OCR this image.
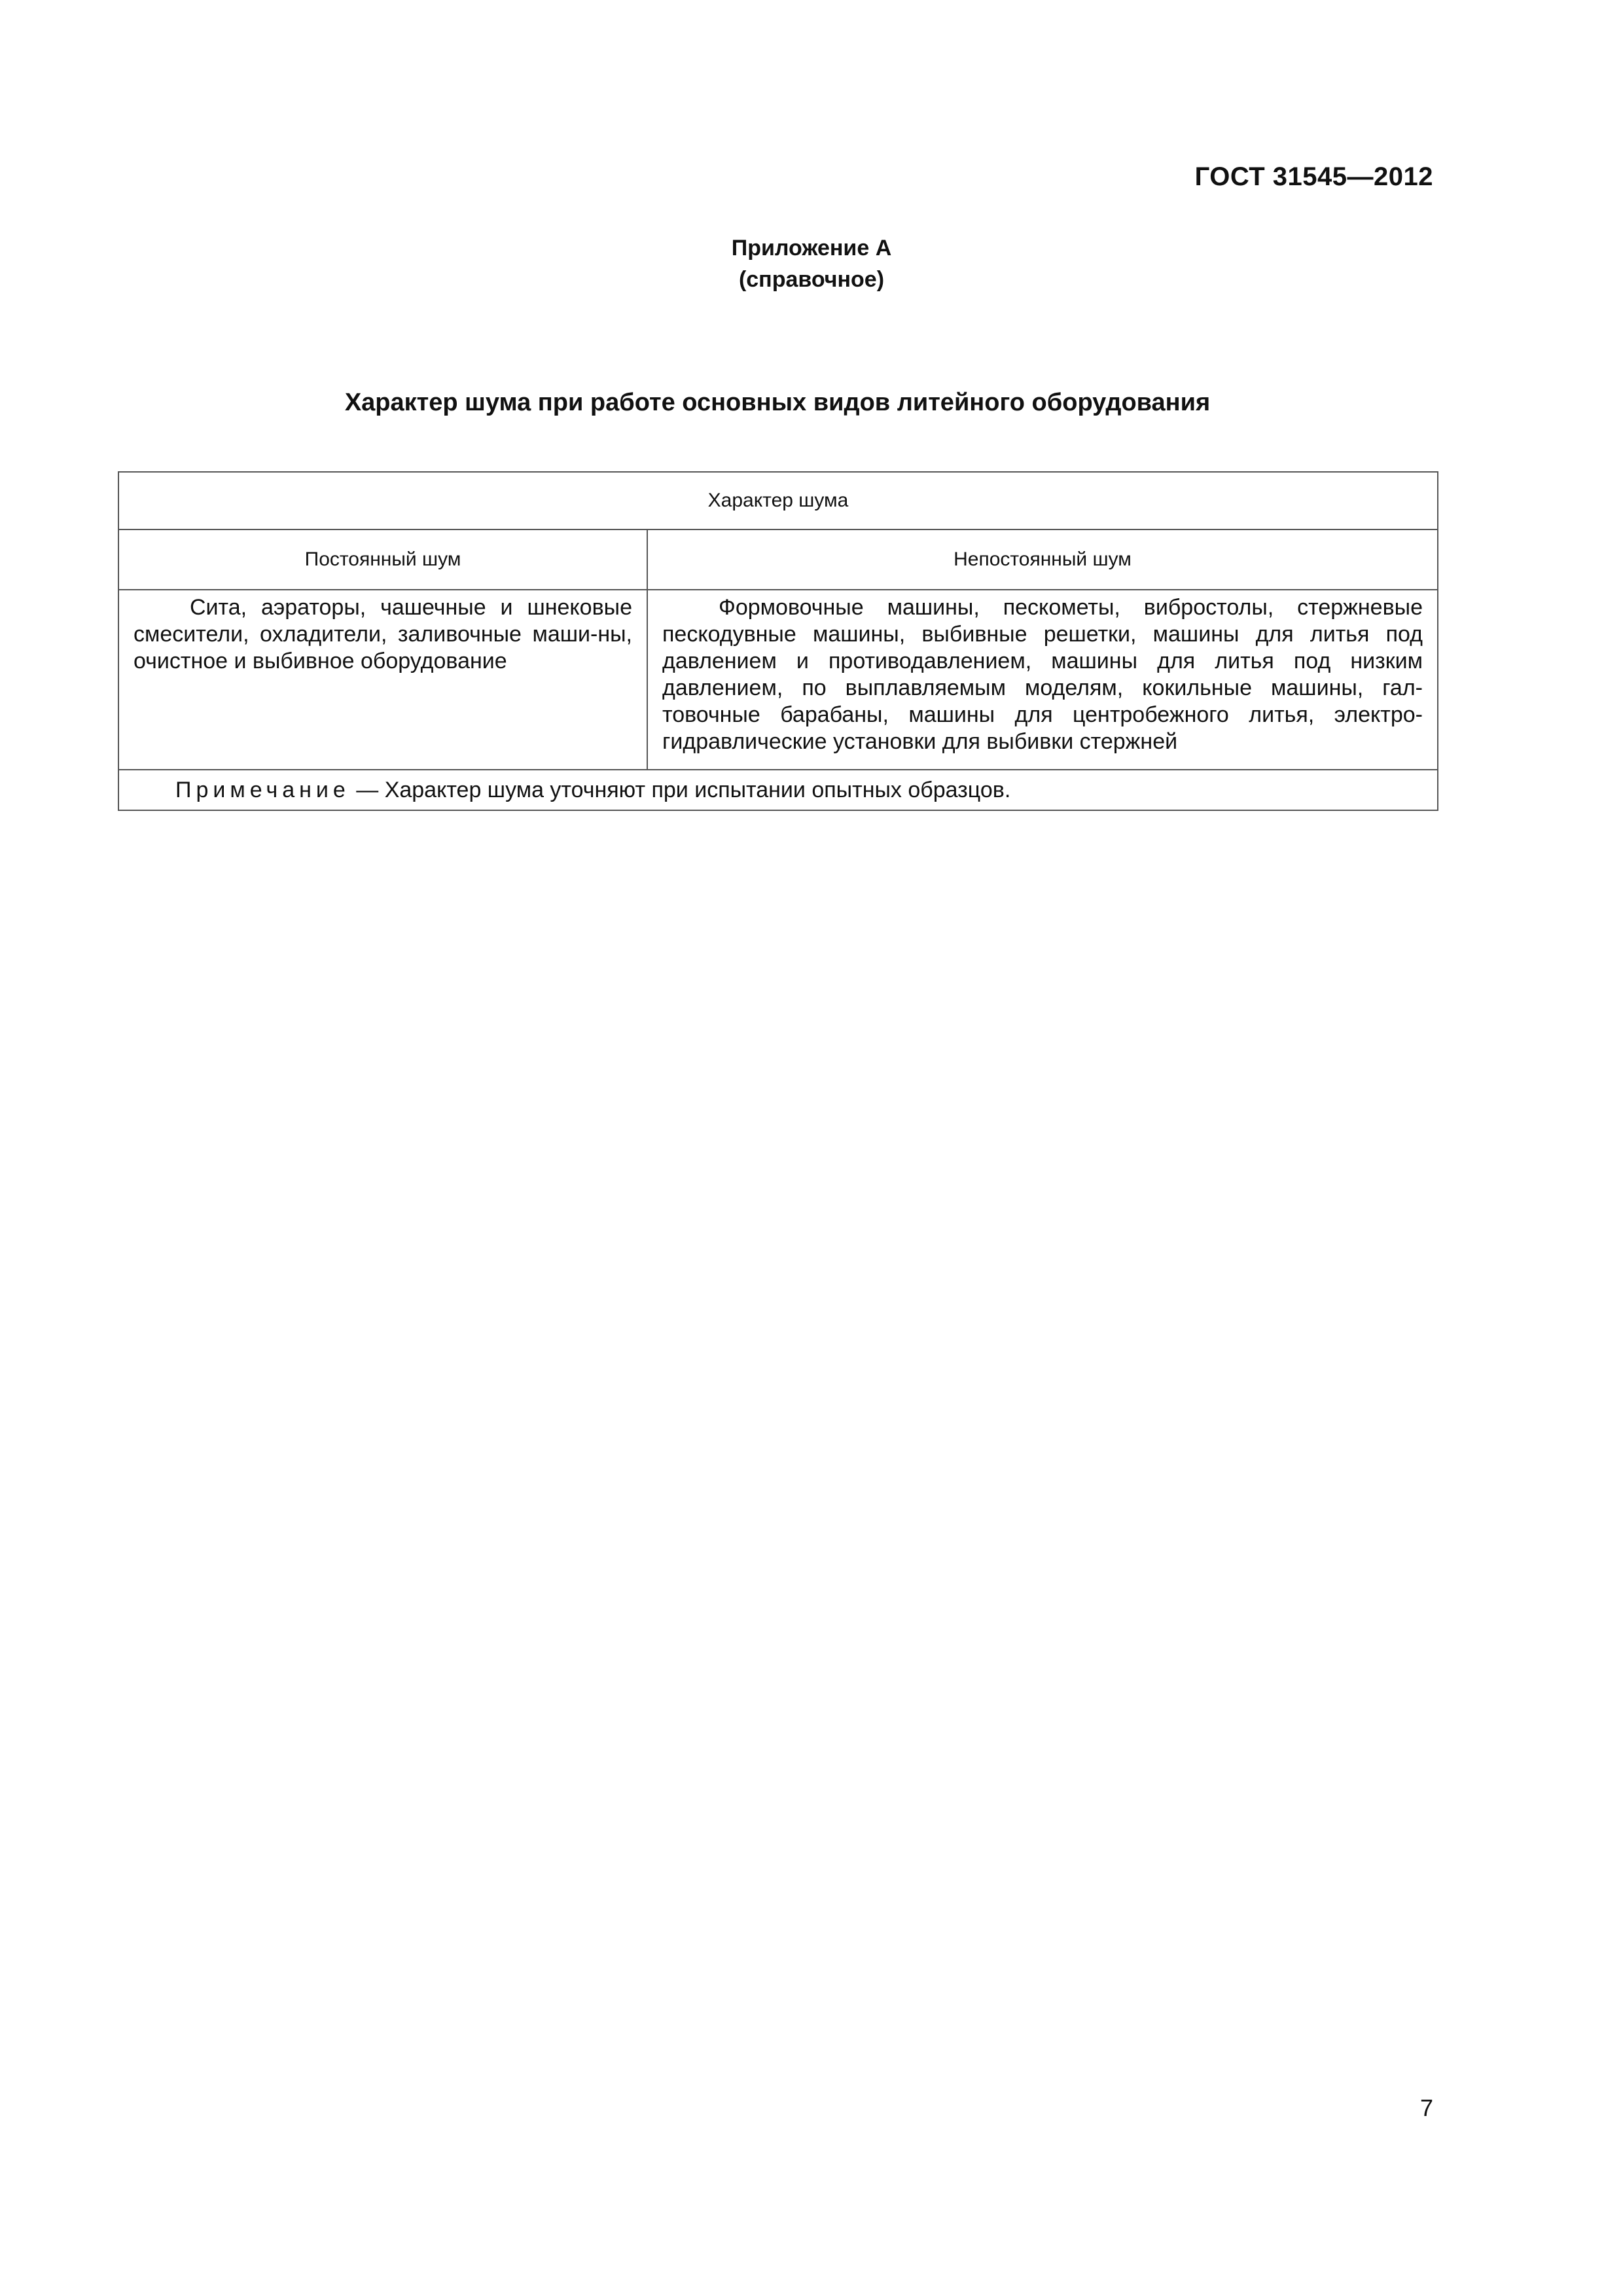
ГОСТ 31545—2012
Приложение А
(справочное)
Характер шума при работе основных видов литейного оборудования
Характер шума	
Постоянный шум	Непостоянный шум
Сита, аэраторы, чашечные и шнековые смесители, охладители, заливочные маши-ны, очистное и выбивное оборудование	Формовочные машины, пескометы, вибростолы, стержневые пескодувные машины, выбивные решетки, машины для литья под давлением и противодавлением, машины для литья под низким давлением, по выплавляемым моделям, кокильные машины, гал-товочные барабаны, машины для центробежного литья, электро-гидравлические установки для выбивки стержней
Примечание — Характер шума уточняют при испытании опытных образцов.	
7
